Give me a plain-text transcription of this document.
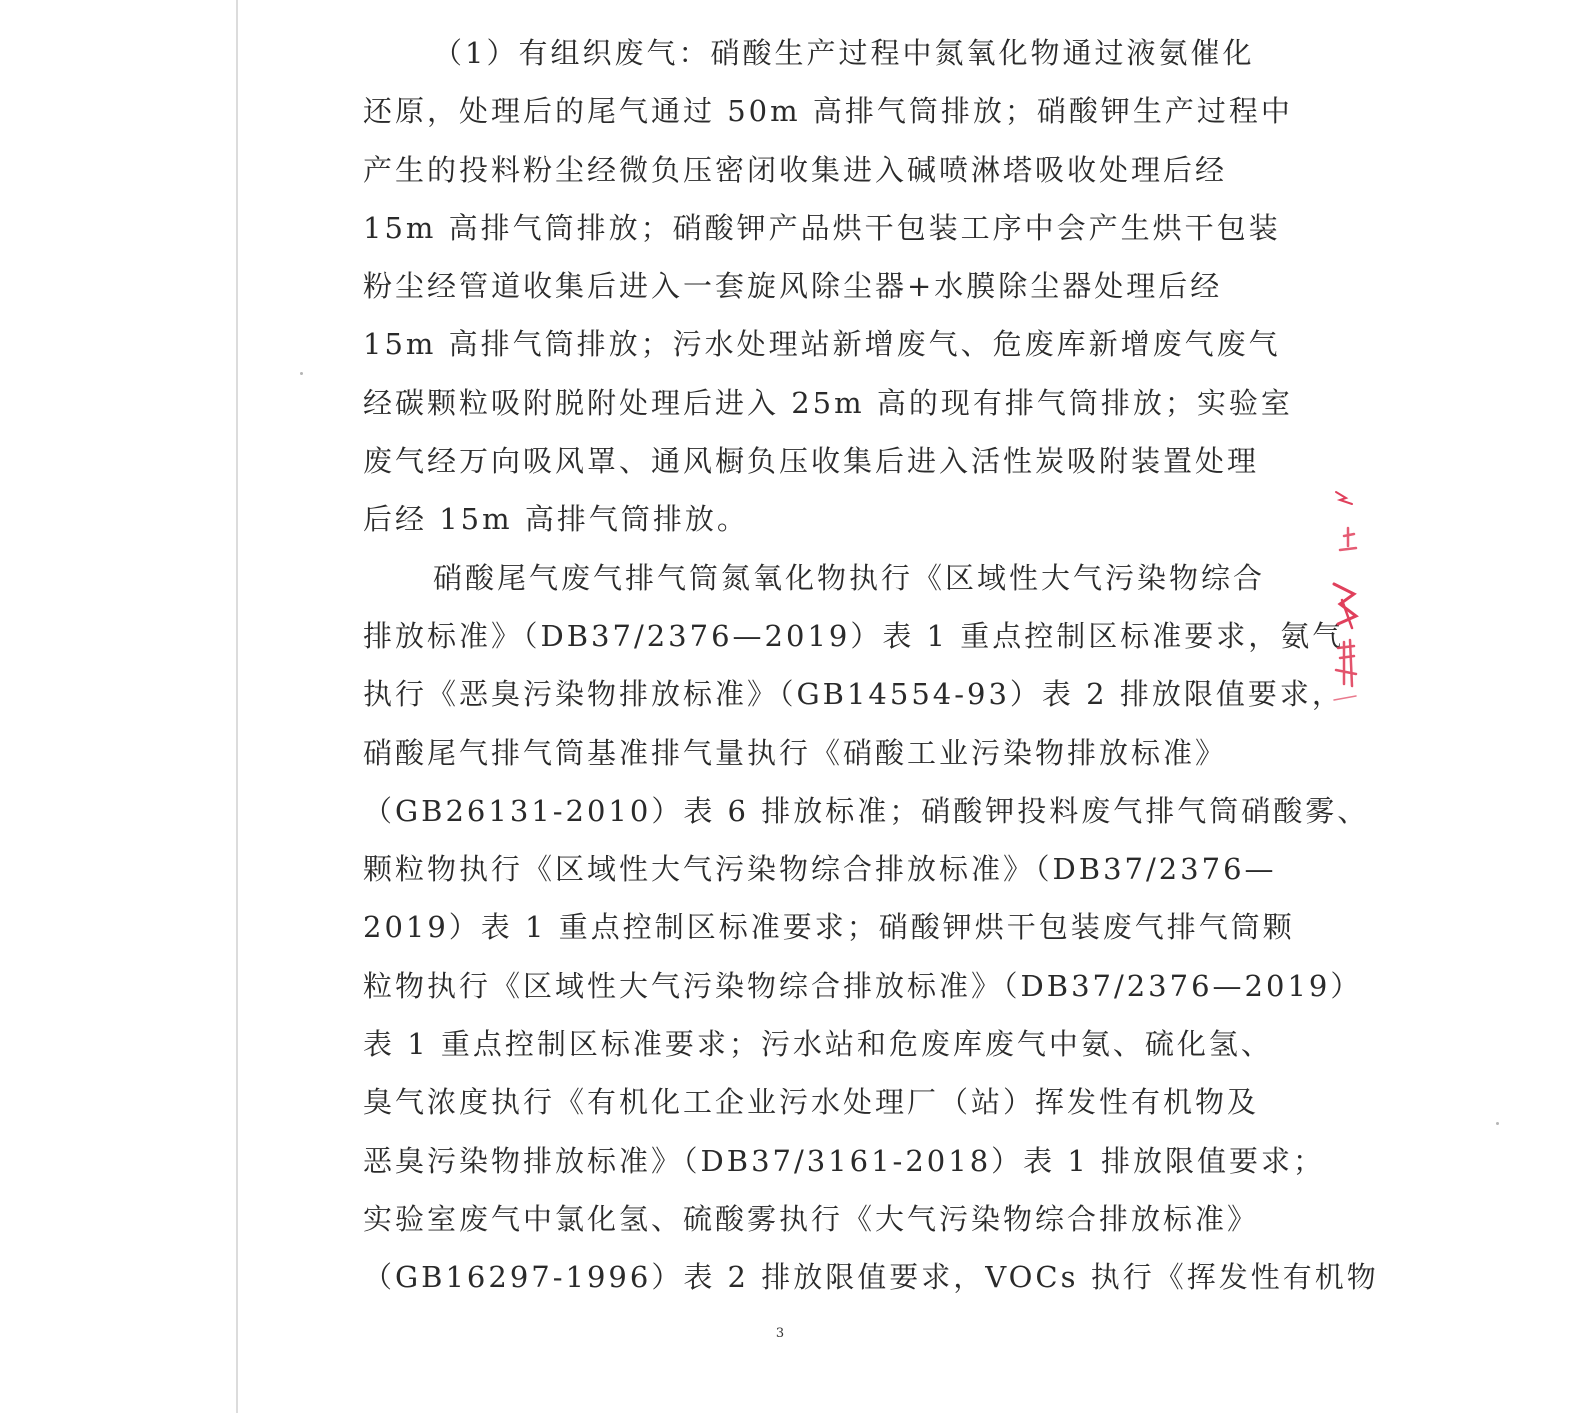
（1）有组织废气：硝酸生产过程中氮氧化物通过液氨催化
还原，处理后的尾气通过 50m 高排气筒排放；硝酸钾生产过程中
产生的投料粉尘经微负压密闭收集进入碱喷淋塔吸收处理后经
15m 高排气筒排放；硝酸钾产品烘干包装工序中会产生烘干包装
粉尘经管道收集后进入一套旋风除尘器+水膜除尘器处理后经
15m 高排气筒排放；污水处理站新增废气、危废库新增废气废气
经碳颗粒吸附脱附处理后进入 25m 高的现有排气筒排放；实验室
废气经万向吸风罩、通风橱负压收集后进入活性炭吸附装置处理
后经 15m 高排气筒排放。
硝酸尾气废气排气筒氮氧化物执行《区域性大气污染物综合
排放标准》（DB37/2376—2019）表 1 重点控制区标准要求，氨气
执行《恶臭污染物排放标准》（GB14554-93）表 2 排放限值要求，
硝酸尾气排气筒基准排气量执行《硝酸工业污染物排放标准》
（GB26131-2010）表 6 排放标准；硝酸钾投料废气排气筒硝酸雾、
颗粒物执行《区域性大气污染物综合排放标准》（DB37/2376—
2019）表 1 重点控制区标准要求；硝酸钾烘干包装废气排气筒颗
粒物执行《区域性大气污染物综合排放标准》（DB37/2376—2019）
表 1 重点控制区标准要求；污水站和危废库废气中氨、硫化氢、
臭气浓度执行《有机化工企业污水处理厂（站）挥发性有机物及
恶臭污染物排放标准》（DB37/3161-2018）表 1 排放限值要求；
实验室废气中氯化氢、硫酸雾执行《大气污染物综合排放标准》
（GB16297-1996）表 2 排放限值要求，VOCs 执行《挥发性有机物
3
